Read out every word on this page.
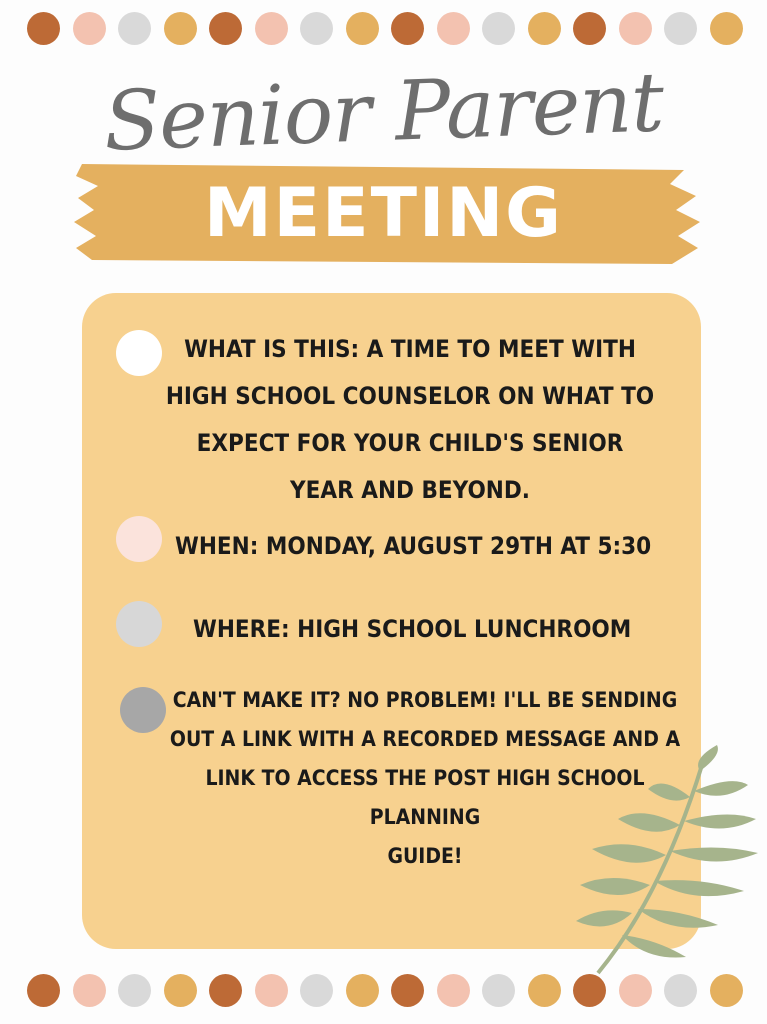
Senior Parent
MEETING
WHAT IS THIS: A TIME TO MEET WITH
HIGH SCHOOL COUNSELOR ON WHAT TO
EXPECT FOR YOUR CHILD'S SENIOR
YEAR AND BEYOND.
WHEN: MONDAY, AUGUST 29TH AT 5:30
WHERE: HIGH SCHOOL LUNCHROOM
CAN'T MAKE IT? NO PROBLEM! I'LL BE SENDING
OUT A LINK WITH A RECORDED MESSAGE AND A
LINK TO ACCESS THE POST HIGH SCHOOL PLANNING
GUIDE!
